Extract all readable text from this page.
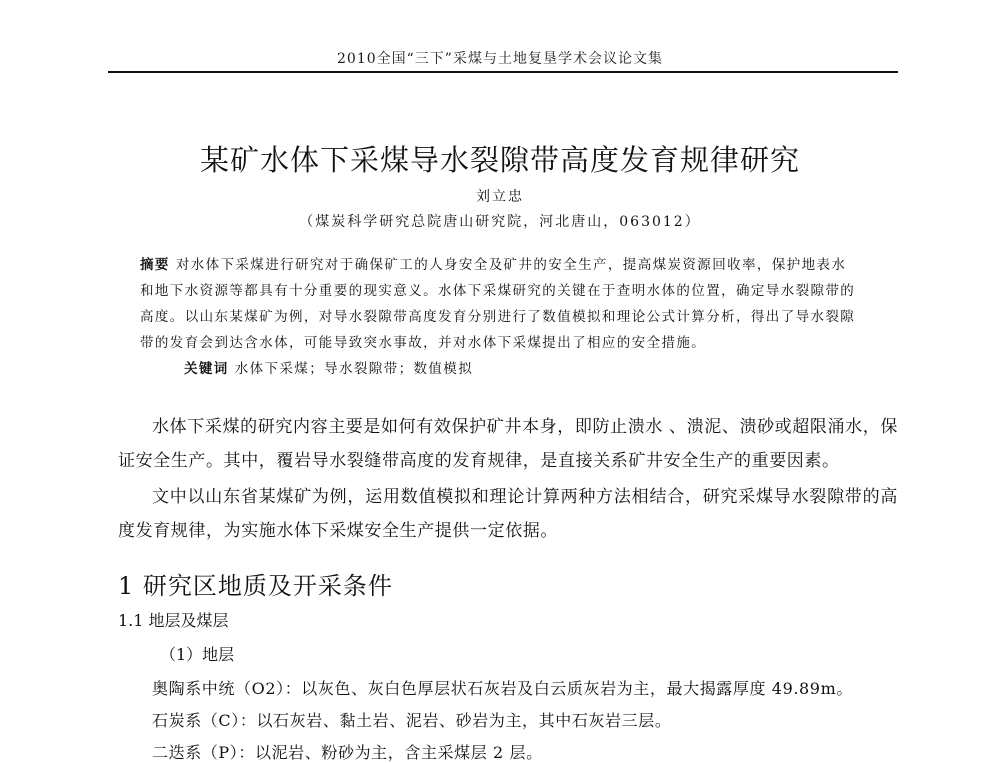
2010全国“三下”采煤与土地复垦学术会议论文集
某矿水体下采煤导水裂隙带高度发育规律研究
刘立忠
（煤炭科学研究总院唐山研究院，河北唐山，063012）
摘要 对水体下采煤进行研究对于确保矿工的人身安全及矿井的安全生产，提高煤炭资源回收率，保护地表水和地下水资源等都具有十分重要的现实意义。水体下采煤研究的关键在于查明水体的位置，确定导水裂隙带的高度。以山东某煤矿为例，对导水裂隙带高度发育分别进行了数值模拟和理论公式计算分析，得出了导水裂隙带的发育会到达含水体，可能导致突水事故，并对水体下采煤提出了相应的安全措施。
关键词 水体下采煤；导水裂隙带；数值模拟
水体下采煤的研究内容主要是如何有效保护矿井本身，即防止溃水 、溃泥、溃砂或超限涌水，保证安全生产。其中，覆岩导水裂缝带高度的发育规律，是直接关系矿井安全生产的重要因素。
文中以山东省某煤矿为例，运用数值模拟和理论计算两种方法相结合，研究采煤导水裂隙带的高度发育规律，为实施水体下采煤安全生产提供一定依据。
1 研究区地质及开采条件
1.1 地层及煤层
（1）地层
奥陶系中统（O2）：以灰色、灰白色厚层状石灰岩及白云质灰岩为主，最大揭露厚度 49.89m。
石炭系（C）：以石灰岩、黏土岩、泥岩、砂岩为主，其中石灰岩三层。
二迭系（P）：以泥岩、粉砂为主，含主采煤层 2 层。
